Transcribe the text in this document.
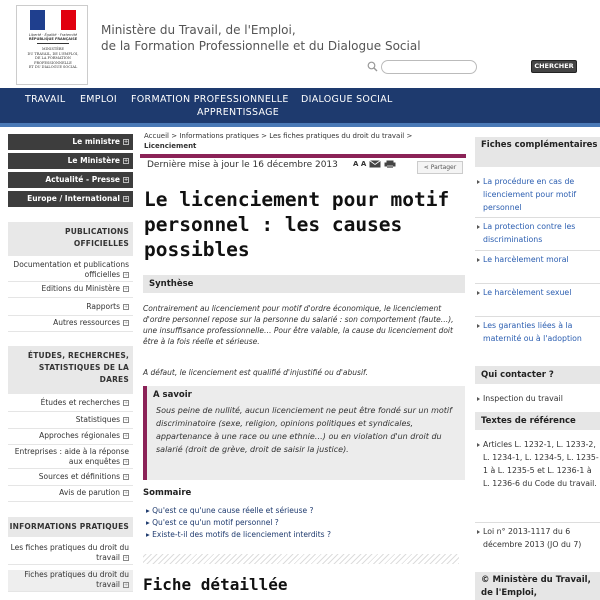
Liberté · Égalité · Fraternité
RÉPUBLIQUE FRANÇAISE
MINISTÈRE
DU TRAVAIL, DE L'EMPLOI,
DE LA FORMATION
PROFESSIONNELLE
ET DU DIALOGUE SOCIAL
Ministère du Travail, de l'Emploi,
de la Formation Professionnelle et du Dialogue Social
CHERCHER
TRAVAIL EMPLOI FORMATION PROFESSIONNELLE DIALOGUE SOCIAL
APPRENTISSAGE
Le ministre +
Le Ministère +
Actualité - Presse +
Europe / International +
PUBLICATIONS
OFFICIELLES
Documentation et publications officielles +
Editions du Ministère +
Rapports +
Autres ressources +
ÉTUDES, RECHERCHES,
STATISTIQUES DE LA
DARES
Études et recherches +
Statistiques +
Approches régionales +
Entreprises : aide à la réponse aux enquêtes +
Sources et définitions +
Avis de parution +
INFORMATIONS PRATIQUES
Les fiches pratiques du droit du travail +
Fiches pratiques du droit du travail +
Accueil > Informations pratiques > Les fiches pratiques du droit du travail > Licenciement
Dernière mise à jour le 16 décembre 2013	A A	⋖ Partager
Le licenciement pour motif personnel : les causes possibles
Synthèse
Contrairement au licenciement pour motif d'ordre économique, le licenciement d'ordre personnel repose sur la personne du salarié : son comportement (faute…), une insuffisance professionnelle… Pour être valable, la cause du licenciement doit être à la fois réelle et sérieuse.
A défaut, le licenciement est qualifié d'injustifié ou d'abusif.
A savoir
Sous peine de nullité, aucun licenciement ne peut être fondé sur un motif discriminatoire (sexe, religion, opinions politiques et syndicales, appartenance à une race ou une ethnie…) ou en violation d'un droit du salarié (droit de grève, droit de saisir la justice).
Sommaire
▸ Qu'est ce qu'une cause réelle et sérieuse ?
▸ Qu'est ce qu'un motif personnel ?
▸ Existe-t-il des motifs de licenciement interdits ?
Fiche détaillée
Fiches complémentaires
La procédure en cas de licenciement pour motif personnel
La protection contre les discriminations
Le harcèlement moral
Le harcèlement sexuel
Les garanties liées à la maternité ou à l'adoption
Qui contacter ?
Inspection du travail
Textes de référence
Articles L. 1232-1, L. 1233-2, L. 1234-1, L. 1234-5, L. 1235-1 à L. 1235-5 et L. 1236-1 à L. 1236-6 du Code du travail.
Loi n° 2013-1117 du 6 décembre 2013 (JO du 7)
© Ministère du Travail, de l'Emploi,
